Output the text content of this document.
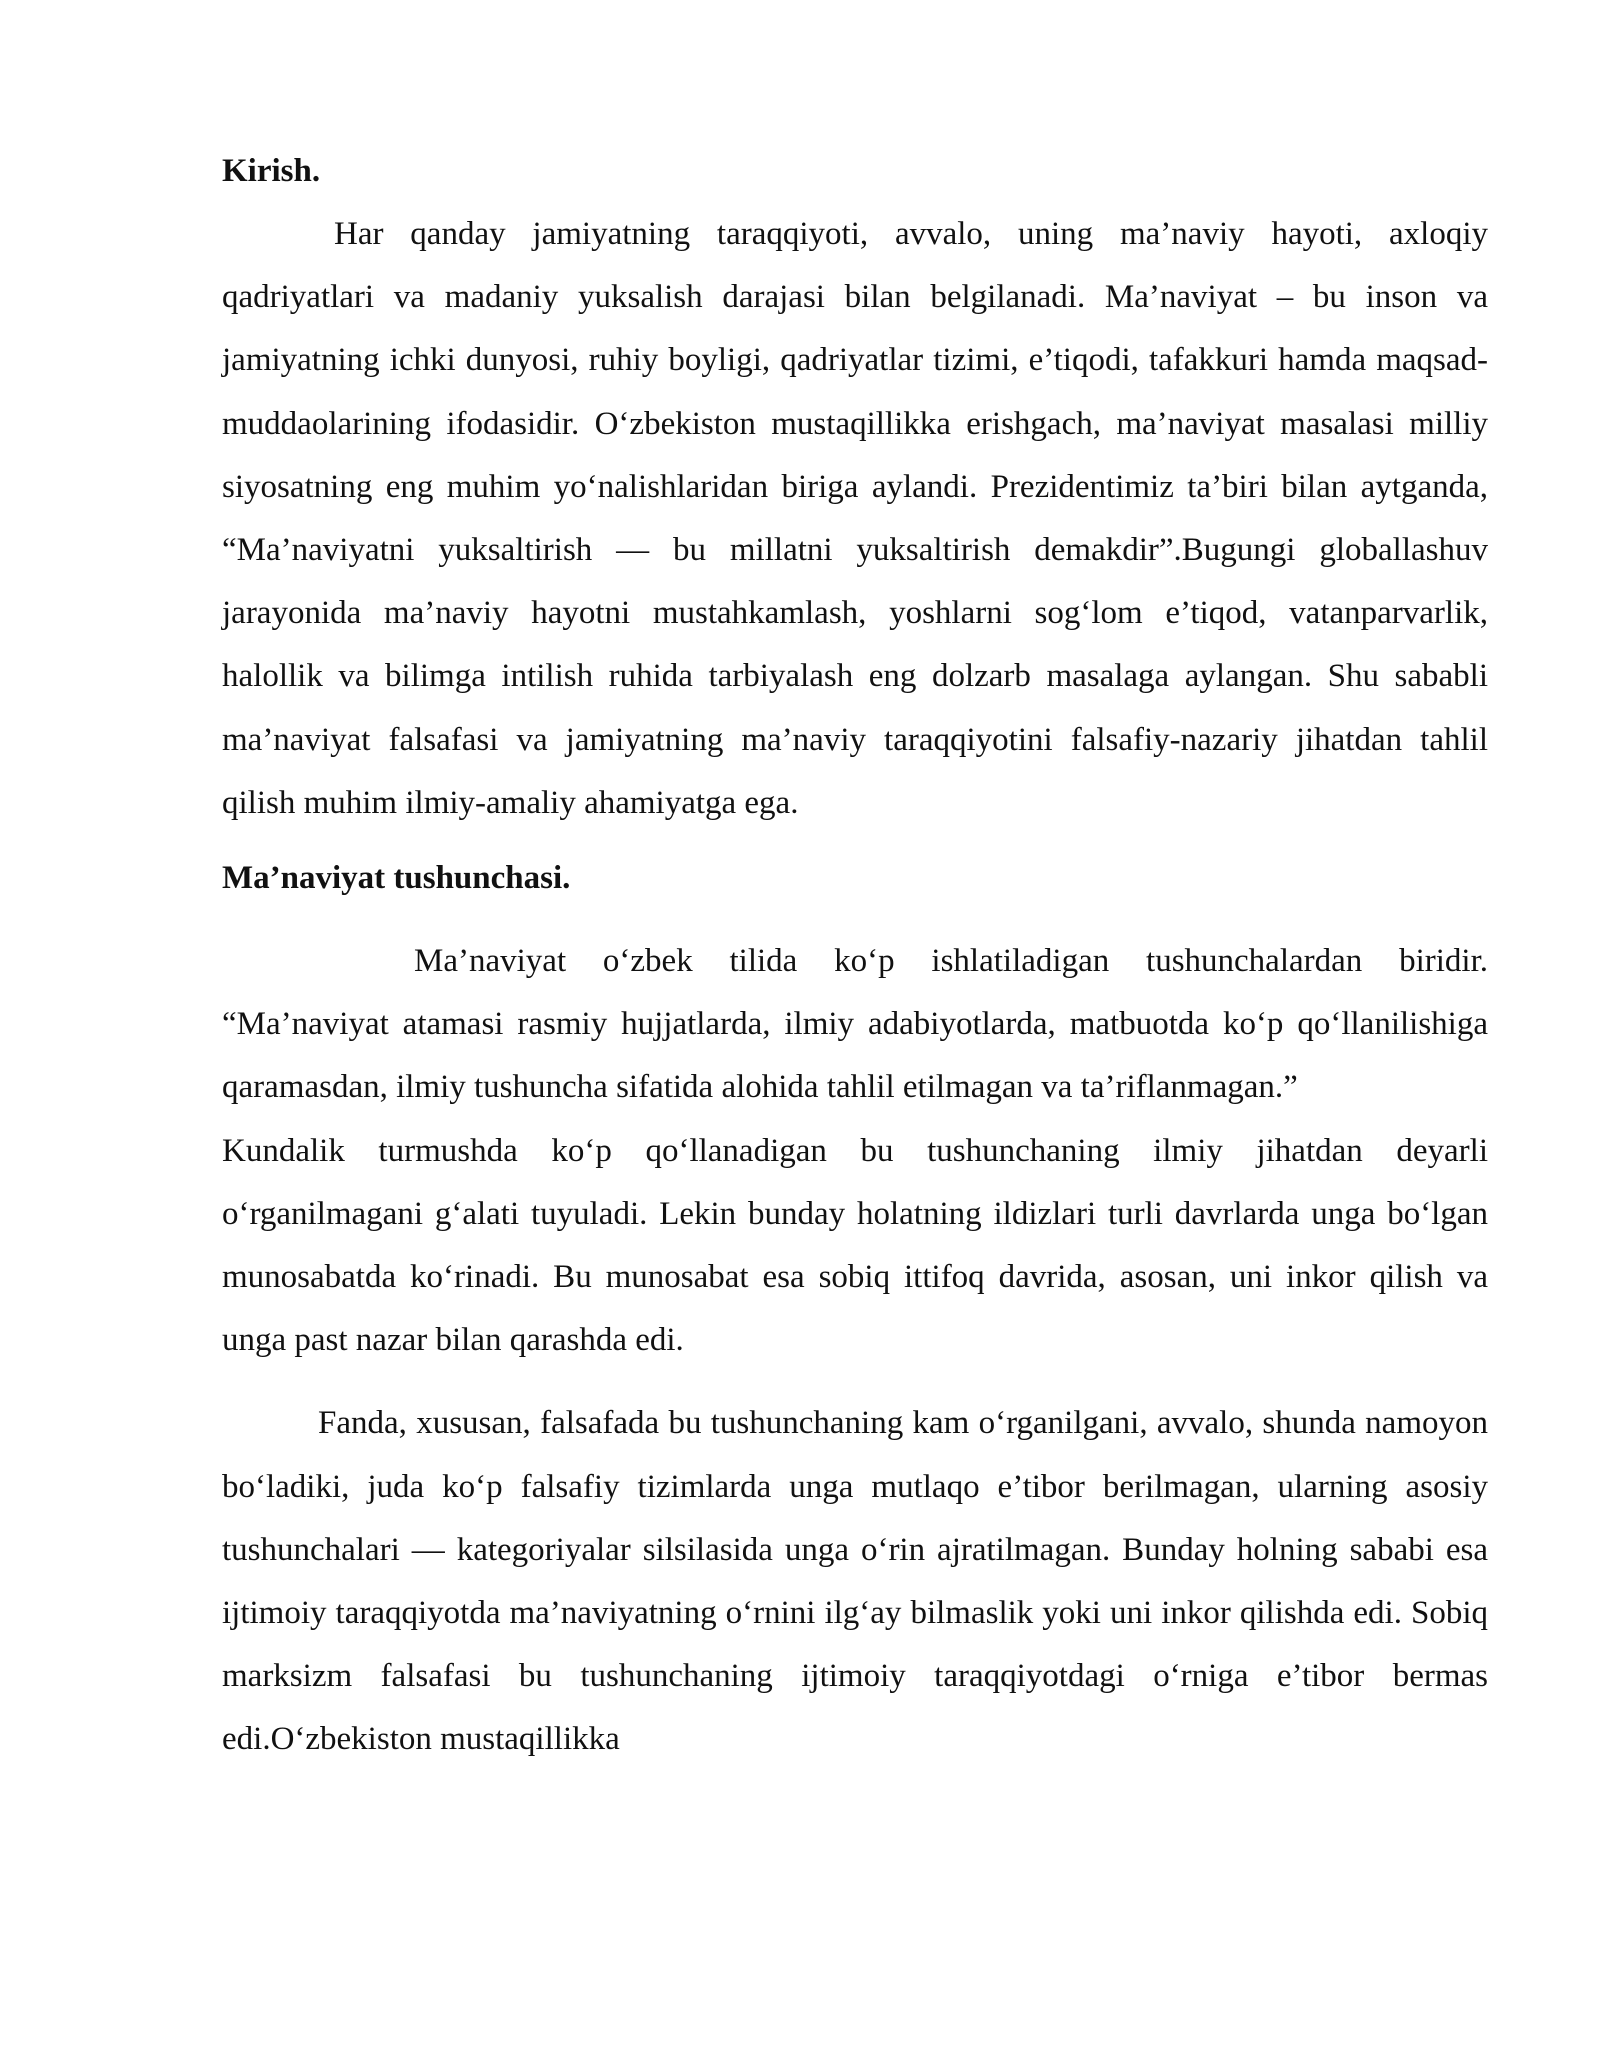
Kirish.

Har qanday jamiyatning taraqqiyoti, avvalo, uning ma’naviy hayoti, axloqiy qadriyatlari va madaniy yuksalish darajasi bilan belgilanadi. Ma’naviyat – bu inson va jamiyatning ichki dunyosi, ruhiy boyligi, qadriyatlar tizimi, e’tiqodi, tafakkuri hamda maqsad-muddaolarining ifodasidir. O‘zbekiston mustaqillikka erishgach, ma’naviyat masalasi milliy siyosatning eng muhim yo‘nalishlaridan biriga aylandi. Prezidentimiz ta’biri bilan aytganda, “Ma’naviyatni yuksaltirish — bu millatni yuksaltirish demakdir”.Bugungi globallashuv jarayonida ma’naviy hayotni mustahkamlash, yoshlarni sog‘lom e’tiqod, vatanparvarlik, halollik va bilimga intilish ruhida tarbiyalash eng dolzarb masalaga aylangan. Shu sababli ma’naviyat falsafasi va jamiyatning ma’naviy taraqqiyotini falsafiy-nazariy jihatdan tahlil qilish muhim ilmiy-amaliy ahamiyatga ega.

Ma’naviyat tushunchasi.

Ma’naviyat o‘zbek tilida ko‘p ishlatiladigan tushunchalardan biridir. “Ma’naviyat atamasi rasmiy hujjatlarda, ilmiy adabiyotlarda, matbuotda ko‘p qo‘llanilishiga qaramasdan, ilmiy tushuncha sifatida alohida tahlil etilmagan va ta’riflanmagan.”

Kundalik turmushda ko‘p qo‘llanadigan bu tushunchaning ilmiy jihatdan deyarli o‘rganilmagani g‘alati tuyuladi. Lekin bunday holatning ildizlari turli davrlarda unga bo‘lgan munosabatda ko‘rinadi. Bu munosabat esa sobiq ittifoq davrida, asosan, uni inkor qilish va unga past nazar bilan qarashda edi.

Fanda, xususan, falsafada bu tushunchaning kam o‘rganilgani, avvalo, shunda namoyon bo‘ladiki, juda ko‘p falsafiy tizimlarda unga mutlaqo e’tibor berilmagan, ularning asosiy tushunchalari — kategoriyalar silsilasida unga o‘rin ajratilmagan. Bunday holning sababi esa ijtimoiy taraqqiyotda ma’naviyatning o‘rnini ilg‘ay bilmaslik yoki uni inkor qilishda edi. Sobiq marksizm falsafasi bu tushunchaning ijtimoiy taraqqiyotdagi o‘rniga e’tibor bermas edi.O‘zbekiston mustaqillikka
